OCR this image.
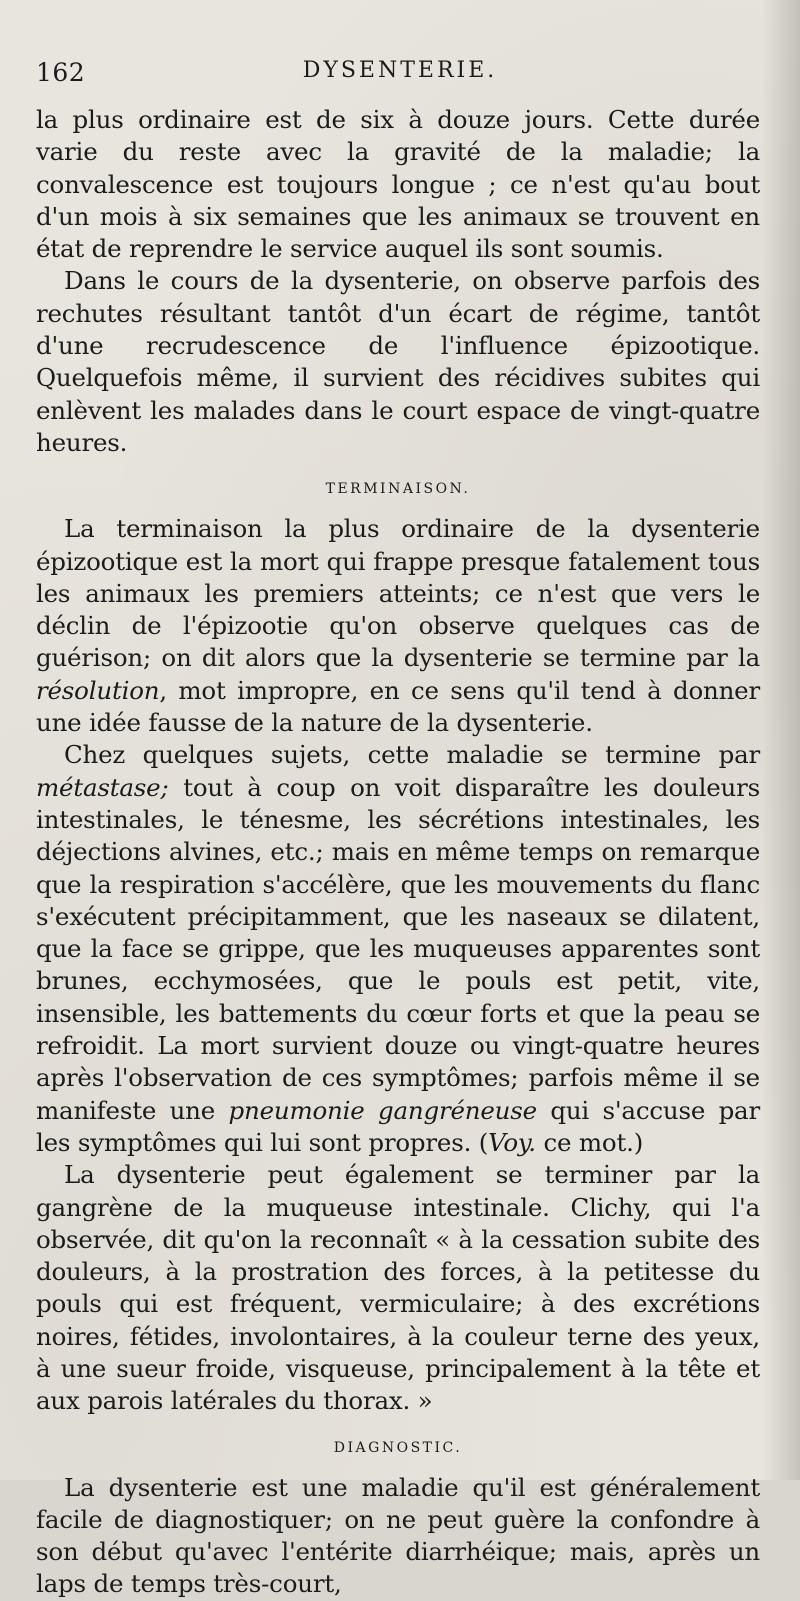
162	DYSENTERIE.

la plus ordinaire est de six à douze jours. Cette durée varie du reste avec la gravité de la maladie; la convalescence est toujours longue ; ce n'est qu'au bout d'un mois à six semaines que les animaux se trouvent en état de reprendre le service auquel ils sont soumis.

Dans le cours de la dysenterie, on observe parfois des rechutes résultant tantôt d'un écart de régime, tantôt d'une recrudescence de l'influence épizootique. Quelquefois même, il survient des récidives subites qui enlèvent les malades dans le court espace de vingt-quatre heures.

TERMINAISON.

La terminaison la plus ordinaire de la dysenterie épizootique est la mort qui frappe presque fatalement tous les animaux les premiers atteints; ce n'est que vers le déclin de l'épizootie qu'on observe quelques cas de guérison; on dit alors que la dysenterie se termine par la résolution, mot impropre, en ce sens qu'il tend à donner une idée fausse de la nature de la dysenterie.

Chez quelques sujets, cette maladie se termine par métastase; tout à coup on voit disparaître les douleurs intestinales, le ténesme, les sécrétions intestinales, les déjections alvines, etc.; mais en même temps on remarque que la respiration s'accélère, que les mouvements du flanc s'exécutent précipitamment, que les naseaux se dilatent, que la face se grippe, que les muqueuses apparentes sont brunes, ecchymosées, que le pouls est petit, vite, insensible, les battements du cœur forts et que la peau se refroidit. La mort survient douze ou vingt-quatre heures après l'observation de ces symptômes; parfois même il se manifeste une pneumonie gangréneuse qui s'accuse par les symptômes qui lui sont propres. (Voy. ce mot.)

La dysenterie peut également se terminer par la gangrène de la muqueuse intestinale. Clichy, qui l'a observée, dit qu'on la reconnaît « à la cessation subite des douleurs, à la prostration des forces, à la petitesse du pouls qui est fréquent, vermiculaire; à des excrétions noires, fétides, involontaires, à la couleur terne des yeux, à une sueur froide, visqueuse, principalement à la tête et aux parois latérales du thorax. »

DIAGNOSTIC.

La dysenterie est une maladie qu'il est généralement facile de diagnostiquer; on ne peut guère la confondre à son début qu'avec l'entérite diarrhéique; mais, après un laps de temps très-court,
